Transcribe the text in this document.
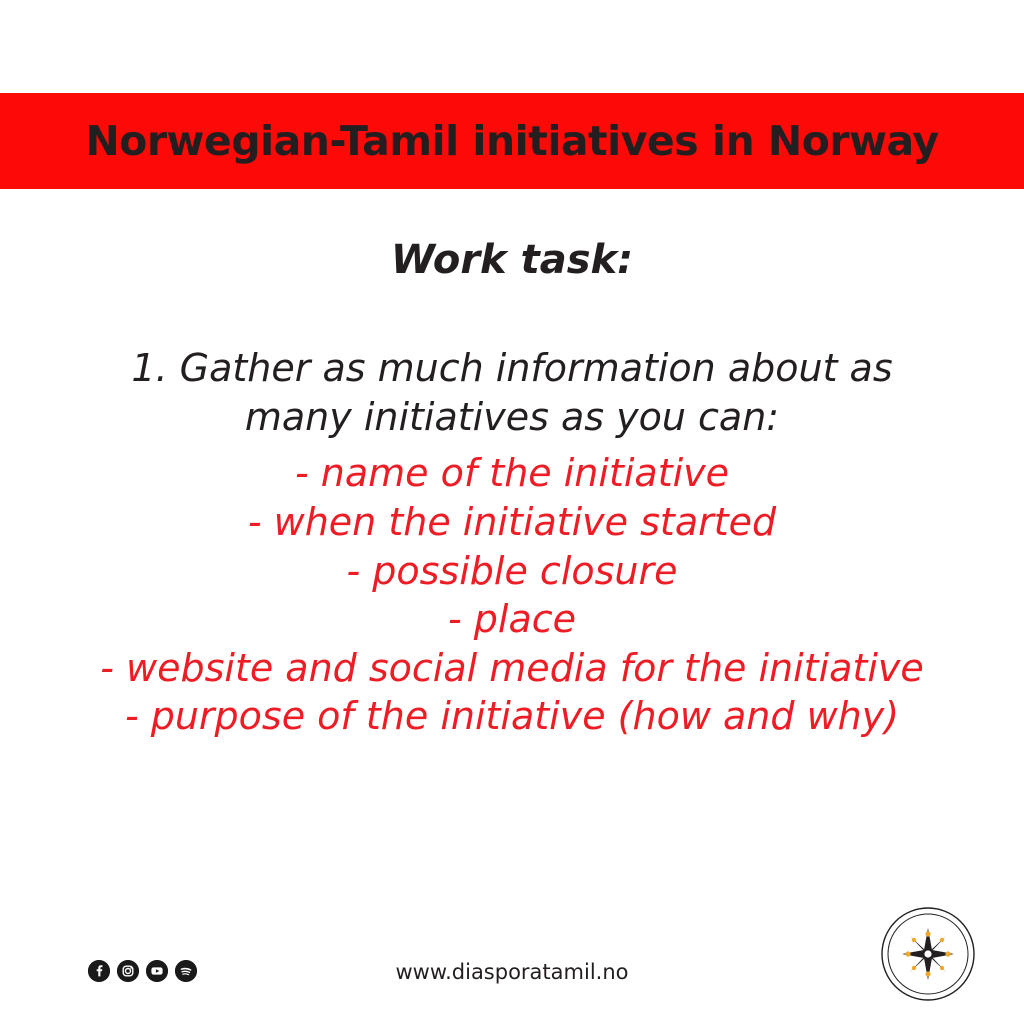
Norwegian-Tamil initiatives in Norway
Work task:
1. Gather as much information about as many initiatives as you can:
- name of the initiative
- when the initiative started
- possible closure
- place
- website and social media for the initiative
- purpose of the initiative (how and why)
www.diasporatamil.no
